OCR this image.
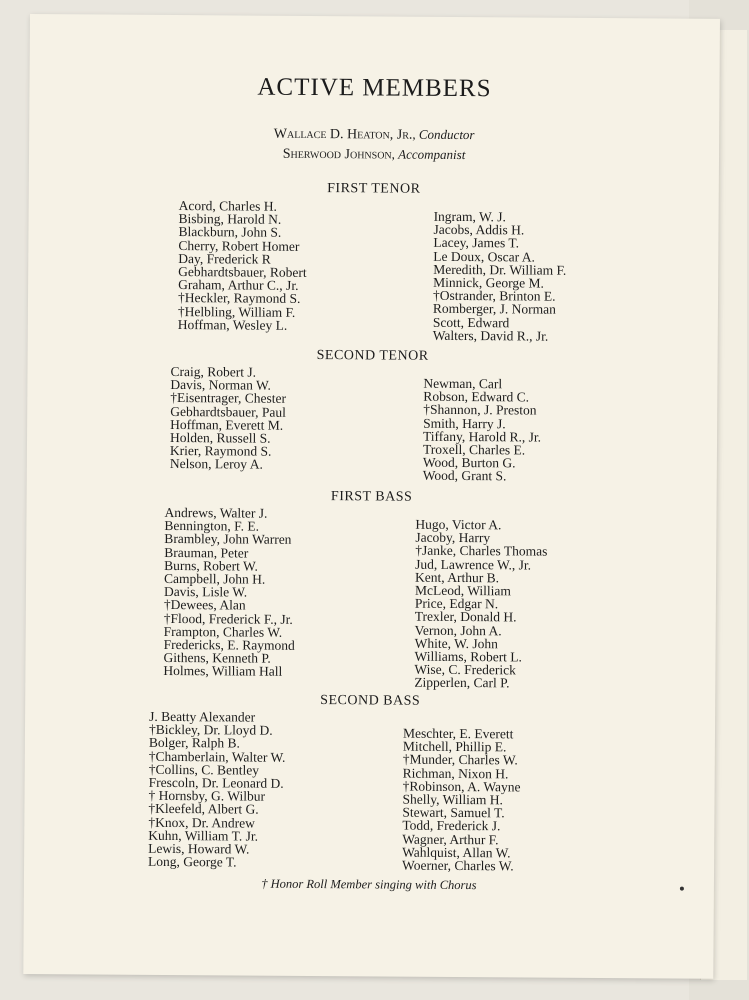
ACTIVE MEMBERS
Wallace D. Heaton, Jr., Conductor
Sherwood Johnson, Accompanist
FIRST TENOR
Acord, Charles H.
Bisbing, Harold N.
Blackburn, John S.
Cherry, Robert Homer
Day, Frederick R
Gebhardtsbauer, Robert
Graham, Arthur C., Jr.
†Heckler, Raymond S.
†Helbling, William F.
Hoffman, Wesley L.
Ingram, W. J.
Jacobs, Addis H.
Lacey, James T.
Le Doux, Oscar A.
Meredith, Dr. William F.
Minnick, George M.
†Ostrander, Brinton E.
Romberger, J. Norman
Scott, Edward
Walters, David R., Jr.
SECOND TENOR
Craig, Robert J.
Davis, Norman W.
†Eisentrager, Chester
Gebhardtsbauer, Paul
Hoffman, Everett M.
Holden, Russell S.
Krier, Raymond S.
Nelson, Leroy A.
Newman, Carl
Robson, Edward C.
†Shannon, J. Preston
Smith, Harry J.
Tiffany, Harold R., Jr.
Troxell, Charles E.
Wood, Burton G.
Wood, Grant S.
FIRST BASS
Andrews, Walter J.
Bennington, F. E.
Brambley, John Warren
Brauman, Peter
Burns, Robert W.
Campbell, John H.
Davis, Lisle W.
†Dewees, Alan
†Flood, Frederick F., Jr.
Frampton, Charles W.
Fredericks, E. Raymond
Githens, Kenneth P.
Holmes, William Hall
Hugo, Victor A.
Jacoby, Harry
†Janke, Charles Thomas
Jud, Lawrence W., Jr.
Kent, Arthur B.
McLeod, William
Price, Edgar N.
Trexler, Donald H.
Vernon, John A.
White, W. John
Williams, Robert L.
Wise, C. Frederick
Zipperlen, Carl P.
SECOND BASS
J. Beatty Alexander
†Bickley, Dr. Lloyd D.
Bolger, Ralph B.
†Chamberlain, Walter W.
†Collins, C. Bentley
Frescoln, Dr. Leonard D.
† Hornsby, G. Wilbur
†Kleefeld, Albert G.
†Knox, Dr. Andrew
Kuhn, William T. Jr.
Lewis, Howard W.
Long, George T.
Meschter, E. Everett
Mitchell, Phillip E.
†Munder, Charles W.
Richman, Nixon H.
†Robinson, A. Wayne
Shelly, William H.
Stewart, Samuel T.
Todd, Frederick J.
Wagner, Arthur F.
Wahlquist, Allan W.
Woerner, Charles W.
† Honor Roll Member singing with Chorus
